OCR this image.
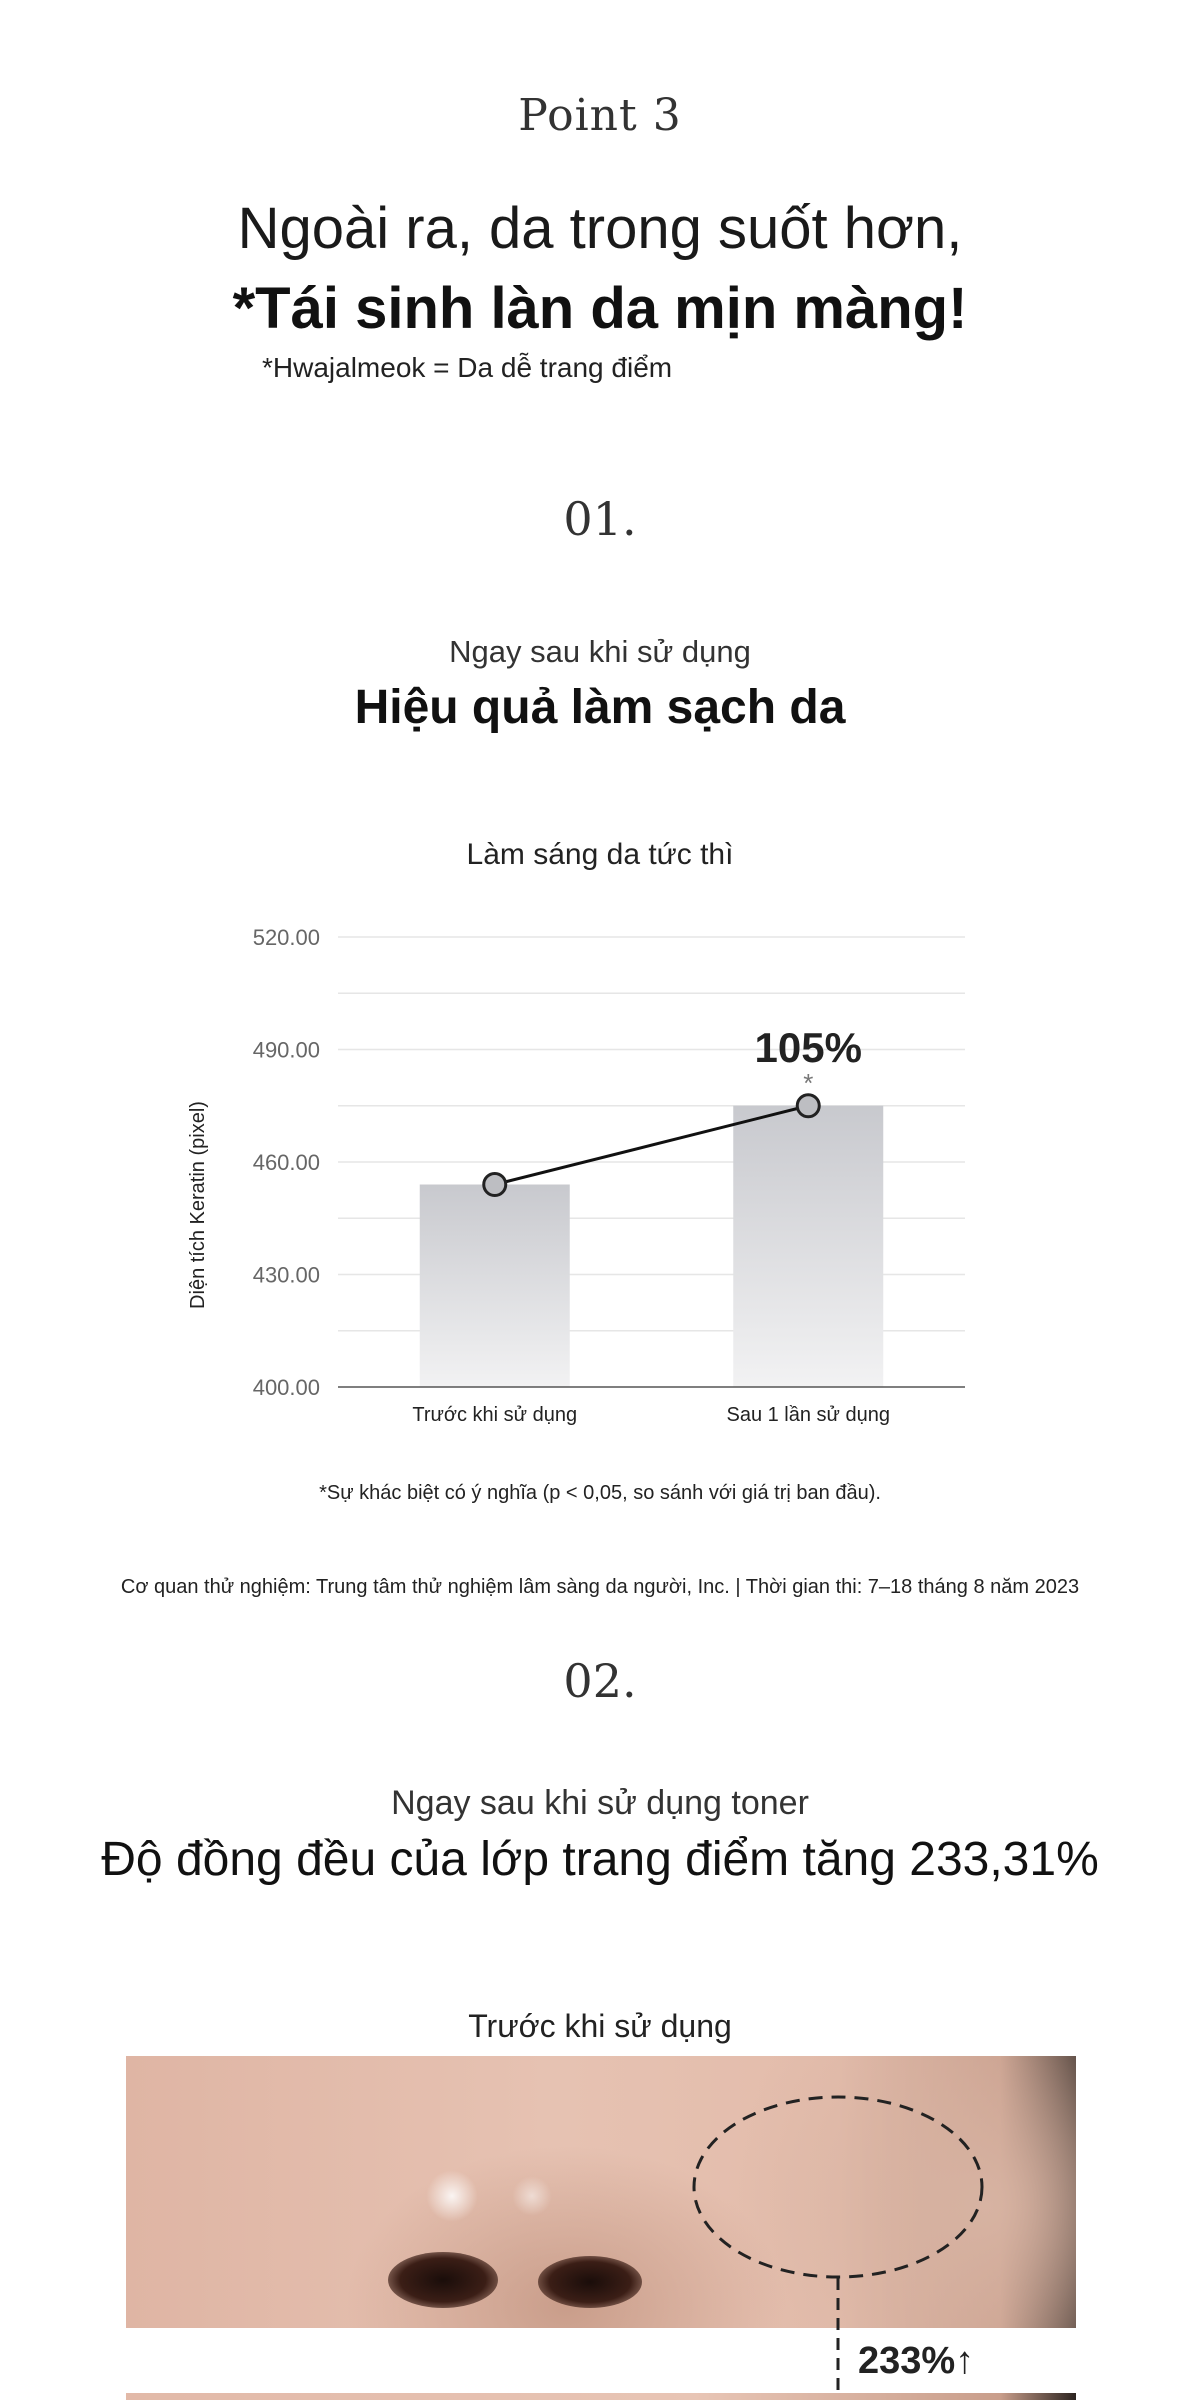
Point 3
Ngoài ra, da trong suốt hơn,
*Tái sinh làn da mịn màng!
*Hwajalmeok = Da dễ trang điểm
01.
Ngay sau khi sử dụng
Hiệu quả làm sạch da
Làm sáng da tức thì
400.00
430.00
460.00
490.00
520.00
Trước khi sử dụng	Sau 1 lần sử dụng
Diện tích Keratin (pixel)
105%
*
*Sự khác biệt có ý nghĩa (p < 0,05, so sánh với giá trị ban đầu).
Cơ quan thử nghiệm: Trung tâm thử nghiệm lâm sàng da người, Inc. | Thời gian thi: 7–18 tháng 8 năm 2023
02.
Ngay sau khi sử dụng toner
Độ đồng đều của lớp trang điểm tăng 233,31%
Trước khi sử dụng
233%↑
